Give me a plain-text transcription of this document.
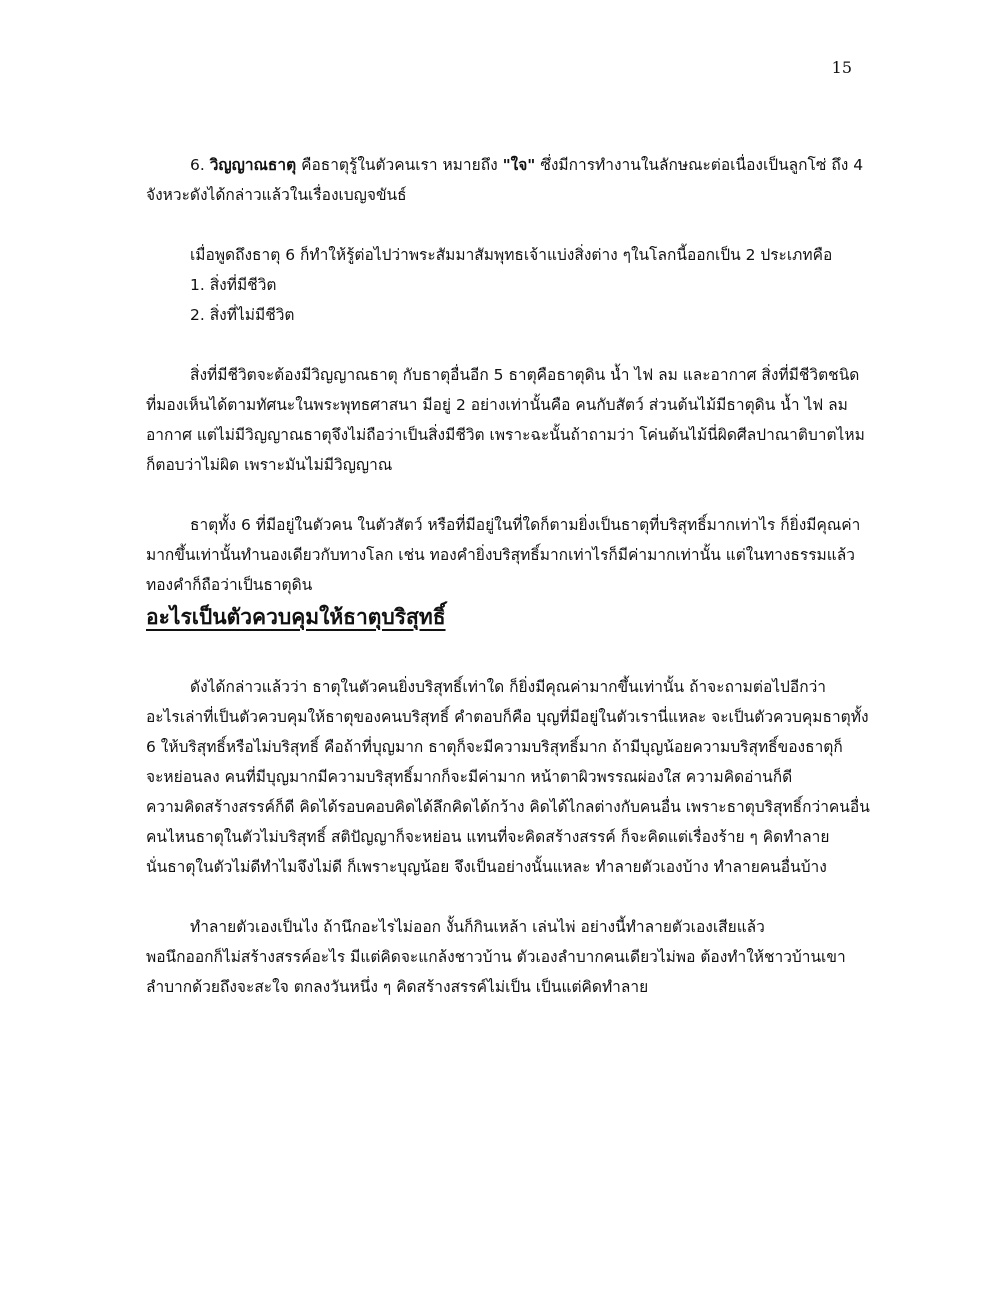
15

6. วิญญาณธาตุ คือธาตุรู้ในตัวคนเรา หมายถึง "ใจ" ซึ่งมีการทำงานในลักษณะต่อเนื่องเป็นลูกโซ่ ถึง 4
จังหวะดังได้กล่าวแล้วในเรื่องเบญจขันธ์

เมื่อพูดถึงธาตุ 6 ก็ทำให้รู้ต่อไปว่าพระสัมมาสัมพุทธเจ้าแบ่งสิ่งต่าง ๆในโลกนี้ออกเป็น 2 ประเภทคือ

1. สิ่งที่มีชีวิต
2. สิ่งที่ไม่มีชีวิต

สิ่งที่มีชีวิตจะต้องมีวิญญาณธาตุ กับธาตุอื่นอีก 5 ธาตุคือธาตุดิน น้ำ ไฟ ลม และอากาศ สิ่งที่มีชีวิตชนิด
ที่มองเห็นได้ตามทัศนะในพระพุทธศาสนา มีอยู่ 2 อย่างเท่านั้นคือ คนกับสัตว์ ส่วนต้นไม้มีธาตุดิน น้ำ ไฟ ลม
อากาศ แต่ไม่มีวิญญาณธาตุจึงไม่ถือว่าเป็นสิ่งมีชีวิต เพราะฉะนั้นถ้าถามว่า โค่นต้นไม้นี่ผิดศีลปาณาติบาตไหม
ก็ตอบว่าไม่ผิด เพราะมันไม่มีวิญญาณ

ธาตุทั้ง 6 ที่มีอยู่ในตัวคน ในตัวสัตว์ หรือที่มีอยู่ในที่ใดก็ตามยิ่งเป็นธาตุที่บริสุทธิ์มากเท่าไร ก็ยิ่งมีคุณค่า
มากขึ้นเท่านั้นทำนองเดียวกับทางโลก เช่น ทองคำยิ่งบริสุทธิ์มากเท่าไรก็มีค่ามากเท่านั้น แต่ในทางธรรมแล้ว
ทองคำก็ถือว่าเป็นธาตุดิน

อะไรเป็นตัวควบคุมให้ธาตุบริสุทธิ์

ดังได้กล่าวแล้วว่า ธาตุในตัวคนยิ่งบริสุทธิ์เท่าใด ก็ยิ่งมีคุณค่ามากขึ้นเท่านั้น ถ้าจะถามต่อไปอีกว่า
อะไรเล่าที่เป็นตัวควบคุมให้ธาตุของคนบริสุทธิ์ คำตอบก็คือ บุญที่มีอยู่ในตัวเรานี่แหละ จะเป็นตัวควบคุมธาตุทั้ง
6 ให้บริสุทธิ์หรือไม่บริสุทธิ์ คือถ้าที่บุญมาก ธาตุก็จะมีความบริสุทธิ์มาก ถ้ามีบุญน้อยความบริสุทธิ์ของธาตุก็
จะหย่อนลง คนที่มีบุญมากมีความบริสุทธิ์มากก็จะมีค่ามาก หน้าตาผิวพรรณผ่องใส ความคิดอ่านก็ดี
ความคิดสร้างสรรค์ก็ดี คิดได้รอบคอบคิดได้ลึกคิดได้กว้าง คิดได้ไกลต่างกับคนอื่น เพราะธาตุบริสุทธิ์กว่าคนอื่น
คนไหนธาตุในตัวไม่บริสุทธิ์ สติปัญญาก็จะหย่อน แทนที่จะคิดสร้างสรรค์ ก็จะคิดแต่เรื่องร้าย ๆ คิดทำลาย
นั่นธาตุในตัวไม่ดีทำไมจึงไม่ดี ก็เพราะบุญน้อย จึงเป็นอย่างนั้นแหละ ทำลายตัวเองบ้าง ทำลายคนอื่นบ้าง

ทำลายตัวเองเป็นไง ถ้านึกอะไรไม่ออก งั้นก็กินเหล้า เล่นไพ่ อย่างนี้ทำลายตัวเองเสียแล้ว
พอนึกออกก็ไม่สร้างสรรค์อะไร มีแต่คิดจะแกล้งชาวบ้าน ตัวเองลำบากคนเดียวไม่พอ ต้องทำให้ชาวบ้านเขา
ลำบากด้วยถึงจะสะใจ ตกลงวันหนึ่ง ๆ คิดสร้างสรรค์ไม่เป็น เป็นแต่คิดทำลาย
